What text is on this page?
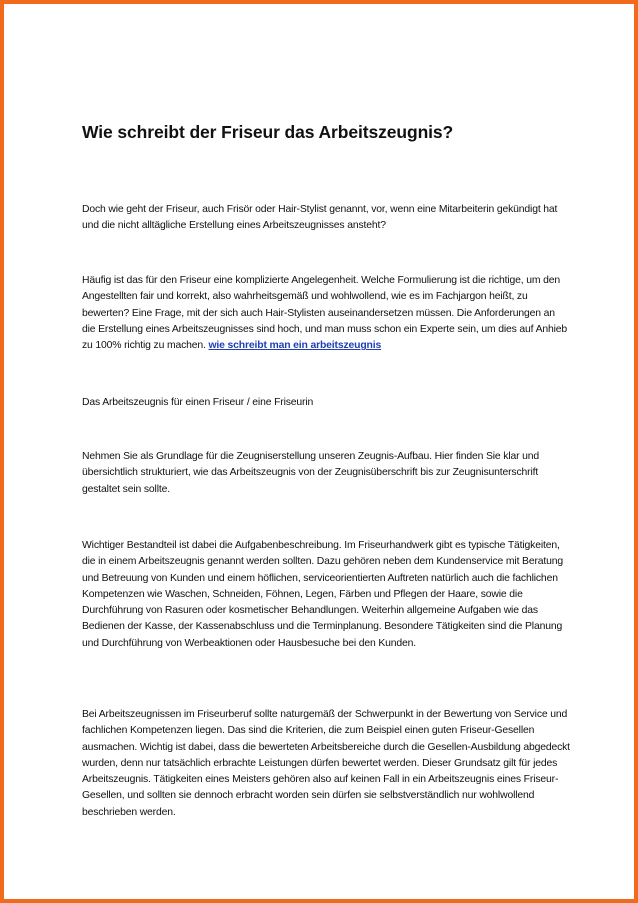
Wie schreibt der Friseur das Arbeitszeugnis?

Doch wie geht der Friseur, auch Frisör oder Hair-Stylist genannt, vor, wenn eine Mitarbeiterin gekündigt hat und die nicht alltägliche Erstellung eines Arbeitszeugnisses ansteht?

Häufig ist das für den Friseur eine komplizierte Angelegenheit. Welche Formulierung ist die richtige, um den Angestellten fair und korrekt, also wahrheitsgemäß und wohlwollend, wie es im Fachjargon heißt, zu bewerten? Eine Frage, mit der sich auch Hair-Stylisten auseinandersetzen müssen. Die Anforderungen an die Erstellung eines Arbeitszeugnisses sind hoch, und man muss schon ein Experte sein, um dies auf Anhieb zu 100% richtig zu machen. wie schreibt man ein arbeitszeugnis

Das Arbeitszeugnis für einen Friseur / eine Friseurin

Nehmen Sie als Grundlage für die Zeugniserstellung unseren Zeugnis-Aufbau. Hier finden Sie klar und übersichtlich strukturiert, wie das Arbeitszeugnis von der Zeugnisüberschrift bis zur Zeugnisunterschrift gestaltet sein sollte.

Wichtiger Bestandteil ist dabei die Aufgabenbeschreibung. Im Friseurhandwerk gibt es typische Tätigkeiten, die in einem Arbeitszeugnis genannt werden sollten. Dazu gehören neben dem Kundenservice mit Beratung und Betreuung von Kunden und einem höflichen, serviceorientierten Auftreten natürlich auch die fachlichen Kompetenzen wie Waschen, Schneiden, Föhnen, Legen, Färben und Pflegen der Haare, sowie die Durchführung von Rasuren oder kosmetischer Behandlungen. Weiterhin allgemeine Aufgaben wie das Bedienen der Kasse, der Kassenabschluss und die Terminplanung. Besondere Tätigkeiten sind die Planung und Durchführung von Werbeaktionen oder Hausbesuche bei den Kunden.

Bei Arbeitszeugnissen im Friseurberuf sollte naturgemäß der Schwerpunkt in der Bewertung von Service und fachlichen Kompetenzen liegen. Das sind die Kriterien, die zum Beispiel einen guten Friseur-Gesellen ausmachen. Wichtig ist dabei, dass die bewerteten Arbeitsbereiche durch die Gesellen-Ausbildung abgedeckt wurden, denn nur tatsächlich erbrachte Leistungen dürfen bewertet werden. Dieser Grundsatz gilt für jedes Arbeitszeugnis. Tätigkeiten eines Meisters gehören also auf keinen Fall in ein Arbeitszeugnis eines Friseur-Gesellen, und sollten sie dennoch erbracht worden sein dürfen sie selbstverständlich nur wohlwollend beschrieben werden.
